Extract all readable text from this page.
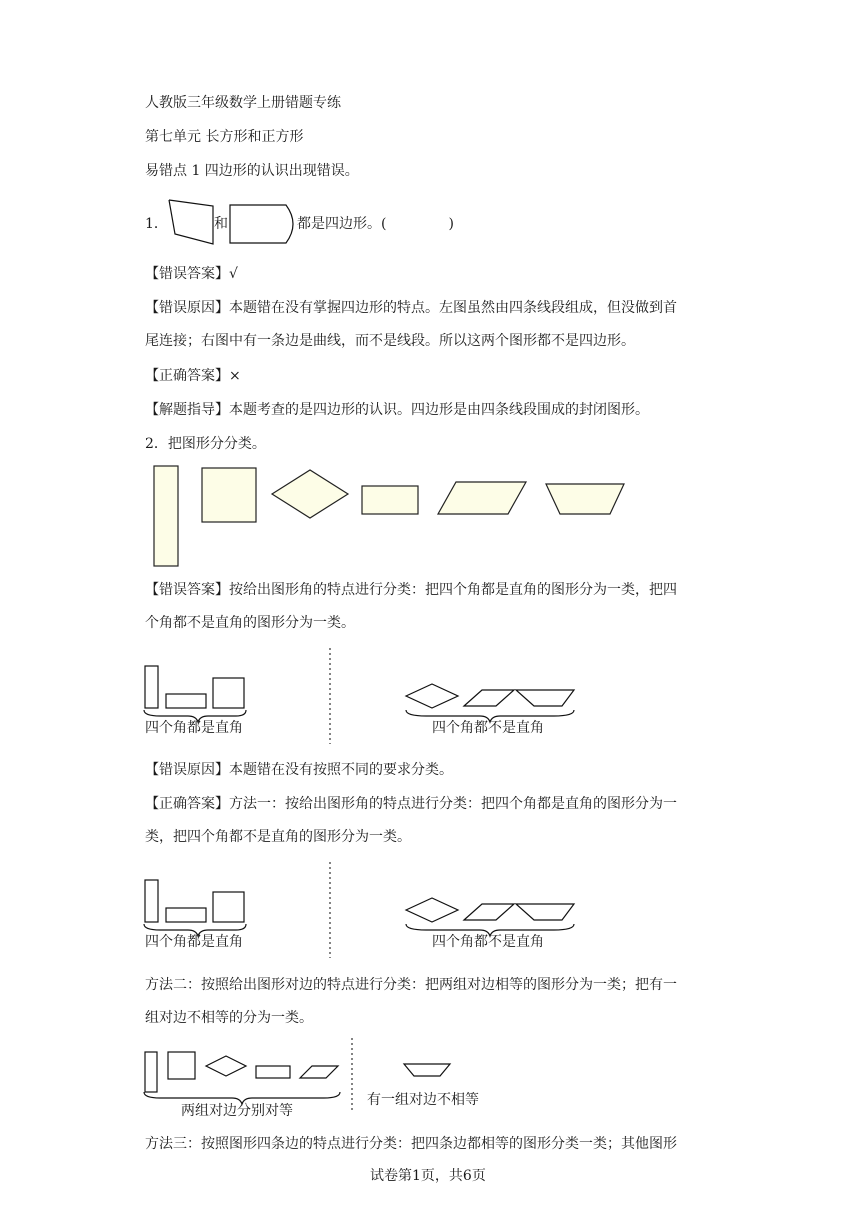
人教版三年级数学上册错题专练
第七单元 长方形和正方形
易错点 1 四边形的认识出现错误。
1．	和	都是四边形。(	)
【错误答案】√
【错误原因】本题错在没有掌握四边形的特点。左图虽然由四条线段组成，但没做到首
尾连接；右图中有一条边是曲线，而不是线段。所以这两个图形都不是四边形。
【正确答案】×
【解题指导】本题考查的是四边形的认识。四边形是由四条线段围成的封闭图形。
2．把图形分分类。
【错误答案】按给出图形角的特点进行分类：把四个角都是直角的图形分为一类，把四
个角都不是直角的图形分为一类。
四个角都是直角	四个角都不是直角
【错误原因】本题错在没有按照不同的要求分类。
【正确答案】方法一：按给出图形角的特点进行分类：把四个角都是直角的图形分为一
类，把四个角都不是直角的图形分为一类。
四个角都是直角	四个角都不是直角
方法二：按照给出图形对边的特点进行分类：把两组对边相等的图形分为一类；把有一
组对边不相等的分为一类。
两组对边分别对等
有一组对边不相等
方法三：按照图形四条边的特点进行分类：把四条边都相等的图形分类一类；其他图形
试卷第1页，共6页
